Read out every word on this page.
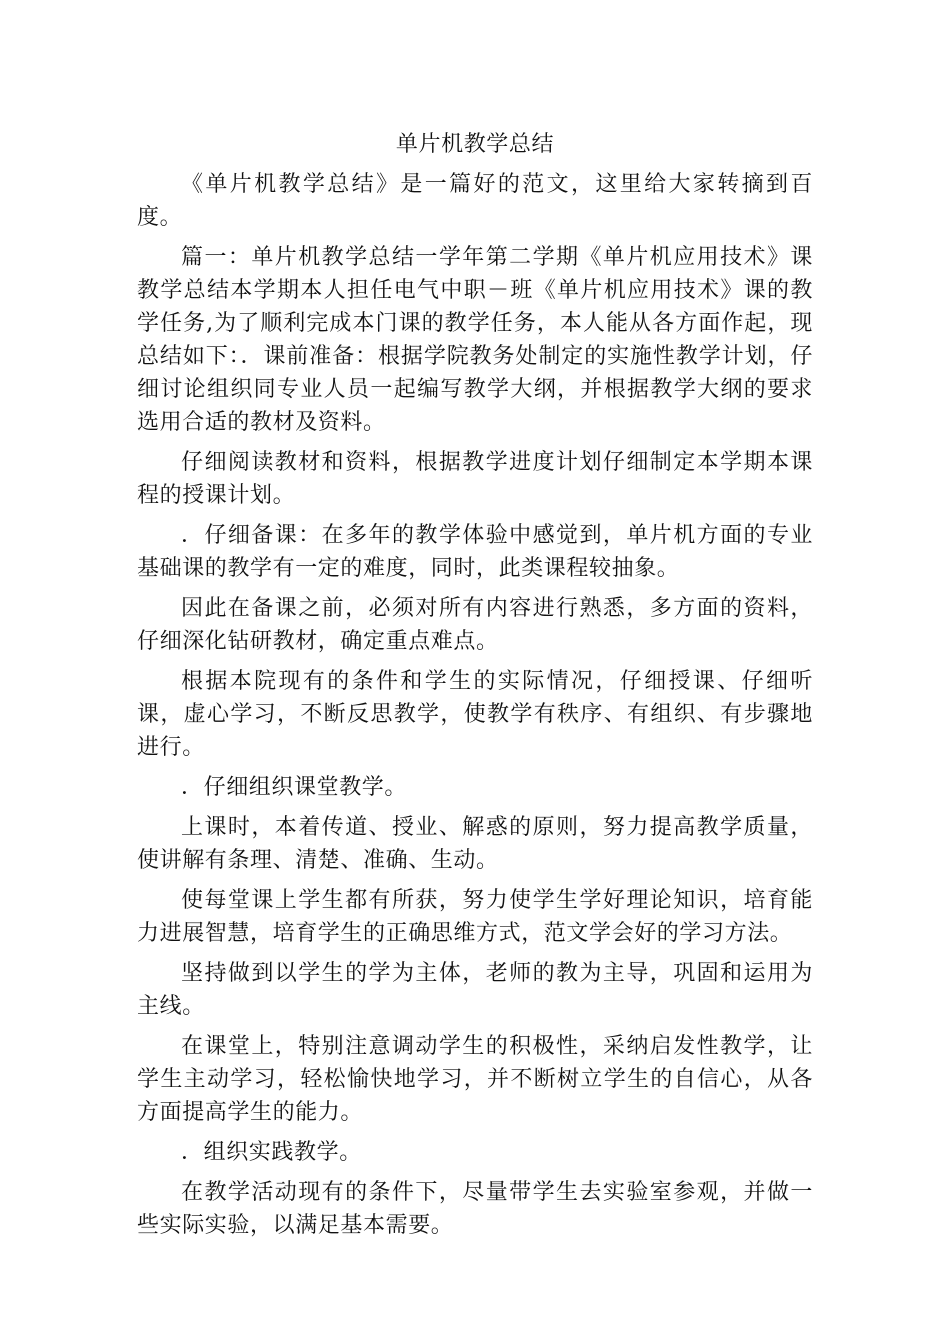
单片机教学总结

《单片机教学总结》是一篇好的范文，这里给大家转摘到百度。

篇一：单片机教学总结一学年第二学期《单片机应用技术》课教学总结本学期本人担任电气中职－班《单片机应用技术》课的教学任务,为了顺利完成本门课的教学任务，本人能从各方面作起，现总结如下：．课前准备：根据学院教务处制定的实施性教学计划，仔细讨论组织同专业人员一起编写教学大纲，并根据教学大纲的要求选用合适的教材及资料。

仔细阅读教材和资料，根据教学进度计划仔细制定本学期本课程的授课计划。

．仔细备课：在多年的教学体验中感觉到，单片机方面的专业基础课的教学有一定的难度，同时，此类课程较抽象。

因此在备课之前，必须对所有内容进行熟悉，多方面的资料，仔细深化钻研教材，确定重点难点。

根据本院现有的条件和学生的实际情况，仔细授课、仔细听课，虚心学习，不断反思教学，使教学有秩序、有组织、有步骤地进行。

．仔细组织课堂教学。

上课时，本着传道、授业、解惑的原则，努力提高教学质量，使讲解有条理、清楚、准确、生动。

使每堂课上学生都有所获，努力使学生学好理论知识，培育能力进展智慧，培育学生的正确思维方式，范文学会好的学习方法。

坚持做到以学生的学为主体，老师的教为主导，巩固和运用为主线。

在课堂上，特别注意调动学生的积极性，采纳启发性教学，让学生主动学习，轻松愉快地学习，并不断树立学生的自信心，从各方面提高学生的能力。

．组织实践教学。

在教学活动现有的条件下，尽量带学生去实验室参观，并做一些实际实验，以满足基本需要。
